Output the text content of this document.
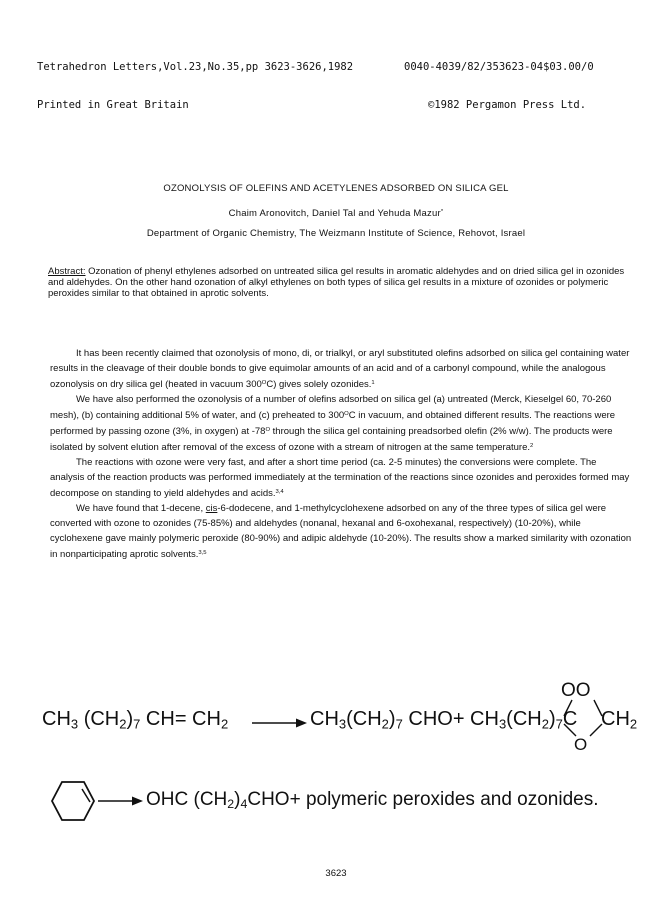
Tetrahedron Letters,Vol.23,No.35,pp 3623-3626,1982

Printed in Great Britain

0040-4039/82/353623-04$03.00/0

©1982 Pergamon Press Ltd.

OZONOLYSIS OF OLEFINS AND ACETYLENES ADSORBED ON SILICA GEL
Chaim Aronovitch, Daniel Tal and Yehuda Mazur*
Department of Organic Chemistry, The Weizmann Institute of Science, Rehovot, Israel
Abstract: Ozonation of phenyl ethylenes adsorbed on untreated silica gel results in aromatic aldehydes and on dried silica gel in ozonides and aldehydes. On the other hand ozonation of alkyl ethylenes on both types of silica gel results in a mixture of ozonides or polymeric peroxides similar to that obtained in aprotic solvents.
It has been recently claimed that ozonolysis of mono, di, or trialkyl, or aryl substituted olefins adsorbed on silica gel containing water results in the cleavage of their double bonds to give equimolar amounts of an acid and of a carbonyl compound, while the analogous ozonolysis on dry silica gel (heated in vacuum $300^OC$) gives solely ozonides.$^1$
We have also performed the ozonolysis of a number of olefins adsorbed on silica gel (a) untreated (Merck, Kieselgel 60, 70-260 mesh), (b) containing additional 5% of water, and (c) preheated to $300^OC$ in vacuum, and obtained different results. The reactions were performed by passing ozone (3%, in oxygen) at $-78^O$ through the silica gel containing preadsorbed olefin (2% w/w). The products were isolated by solvent elution after removal of the excess of ozone with a stream of nitrogen at the same temperature.$^2$
The reactions with ozone were very fast, and after a short time period (ca. 2-5 minutes) the conversions were complete. The analysis of the reaction products was performed immediately at the termination of the reactions since ozonides and peroxides formed may decompose on standing to yield aldehydes and acids.$^{3,4}$
We have found that 1-decene, cis-6-dodecene, and 1-methylcyclohexene adsorbed on any of the three types of silica gel were converted with ozone to ozonides (75-85%) and aldehydes (nonanal, hexanal and 6-oxohexanal, respectively) (10-20%), while cyclohexene gave mainly polymeric peroxide (80-90%) and adipic aldehyde (10-20%). The results show a marked similarity with ozonation in nonparticipating aprotic solvents.$^{3,5}$
$CH_3$ $(CH_2)_7$ $CH= CH_2 \to CH_3(CH_2)_7$ $CHO+ CH_3(CH_2)_7C$
OO
O
$CH_2$
OHC $(CH_2)_4CHO+$ polymeric peroxides and ozonides.
3623
